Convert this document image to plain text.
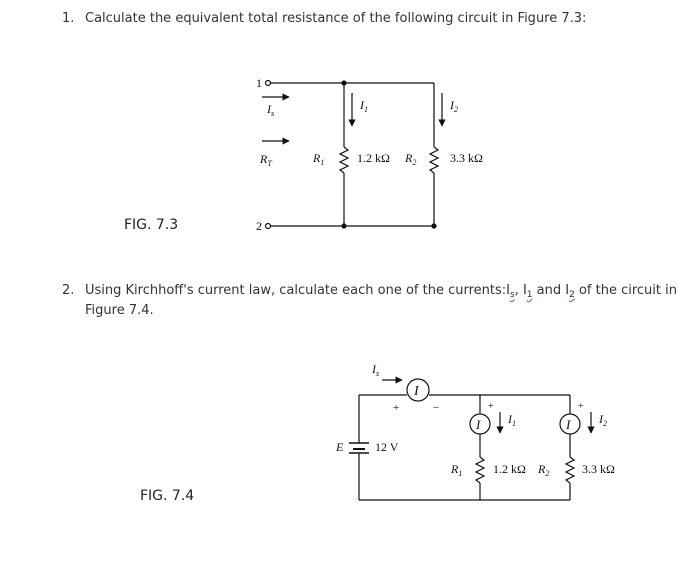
1. Calculate the equivalent total resistance of the following circuit in Figure 7.3:
2. Using Kirchhoff's current law, calculate each one of the $currents:I_s$, $I_1$ and $I_2$ of the circuit in
Figure 7.4.
FIG. 7.3
FIG. 7.4
1
2
$I_s$
$R_T$
$I_1$	$I_2$
$R_1$	1.2 kΩ $R_2$	3.3 kΩ
$I_s$
I
+	−
I
+
I
+
$I_1$	$I_2$
E	12 V
$R_1$	1.2 kΩ $R_2$	3.3 kΩ
